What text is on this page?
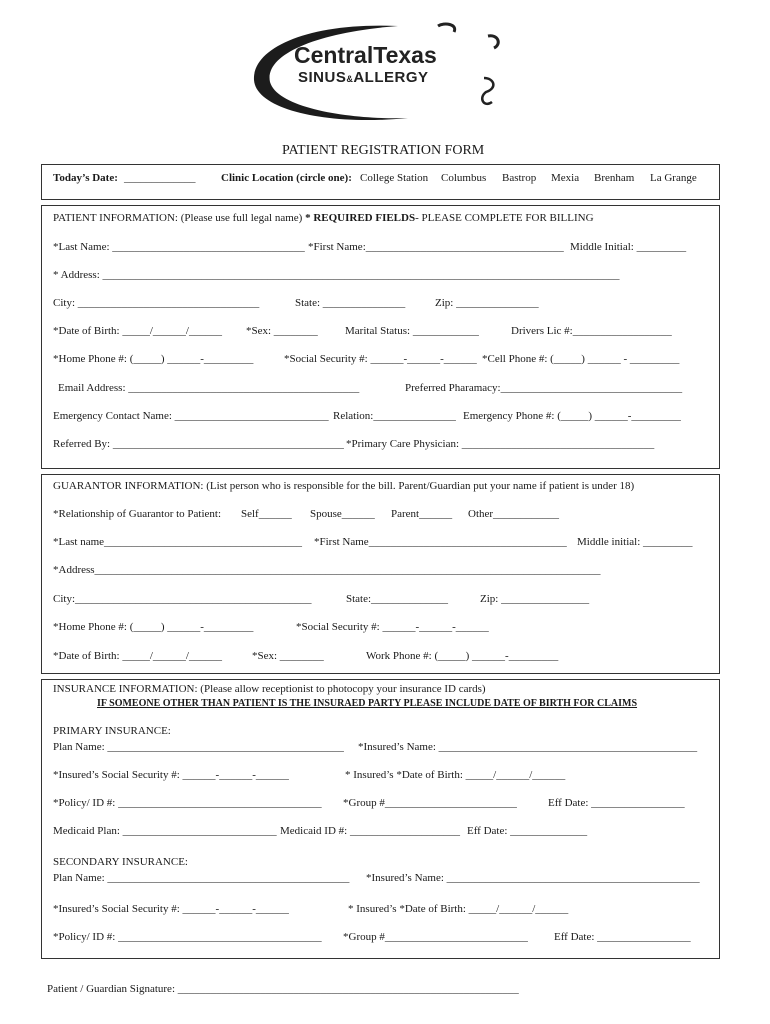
CentralTexas
SINUS&ALLERGY
PATIENT REGISTRATION FORM
Today’s Date: _____________ Clinic Location (circle one): College Station Columbus Bastrop Mexia Brenham La Grange
PATIENT INFORMATION: (Please use full legal name) * REQUIRED FIELDS- PLEASE COMPLETE FOR BILLING
*Last Name: ___________________________________ *First Name:____________________________________ Middle Initial: _________
* Address: ______________________________________________________________________________________________
City: _________________________________	State: _______________	Zip: _______________
*Date of Birth: _____/______/______ *Sex: ________ Marital Status: ____________	Drivers Lic #:__________________
*Home Phone #: (_____) ______-_________	*Social Security #: ______-______-______ *Cell Phone #: (_____) ______ - _________
Email Address: __________________________________________	Preferred Pharamacy:_________________________________
Emergency Contact Name: ____________________________ Relation:_______________ Emergency Phone #: (_____) ______-_________
Referred By: __________________________________________ *Primary Care Physician: ___________________________________
GUARANTOR INFORMATION: (List person who is responsible for the bill. Parent/Guardian put your name if patient is under 18)
*Relationship of Guarantor to Patient: Self______ Spouse______ Parent______ Other____________
*Last name____________________________________ *First Name____________________________________ Middle initial: _________
*Address____________________________________________________________________________________________
City:___________________________________________	State:______________	Zip: ________________
*Home Phone #: (_____) ______-_________	*Social Security #: ______-______-______
*Date of Birth: _____/______/______	*Sex: ________	Work Phone #: (_____) ______-_________
INSURANCE INFORMATION: (Please allow receptionist to photocopy your insurance ID cards)
IF SOMEONE OTHER THAN PATIENT IS THE INSURAED PARTY PLEASE INCLUDE DATE OF BIRTH FOR CLAIMS
PRIMARY INSURANCE:
Plan Name: ___________________________________________ *Insured’s Name: _______________________________________________
*Insured’s Social Security #: ______-______-______	* Insured’s *Date of Birth: _____/______/______
*Policy/ ID #: _____________________________________ *Group #________________________	Eff Date: _________________
Medicaid Plan: ____________________________ Medicaid ID #: ____________________ Eff Date: ______________
SECONDARY INSURANCE:
Plan Name: ____________________________________________ *Insured’s Name: ______________________________________________
*Insured’s Social Security #: ______-______-______	* Insured’s *Date of Birth: _____/______/______
*Policy/ ID #: _____________________________________ *Group #__________________________ Eff Date: _________________
Patient / Guardian Signature: ______________________________________________________________
